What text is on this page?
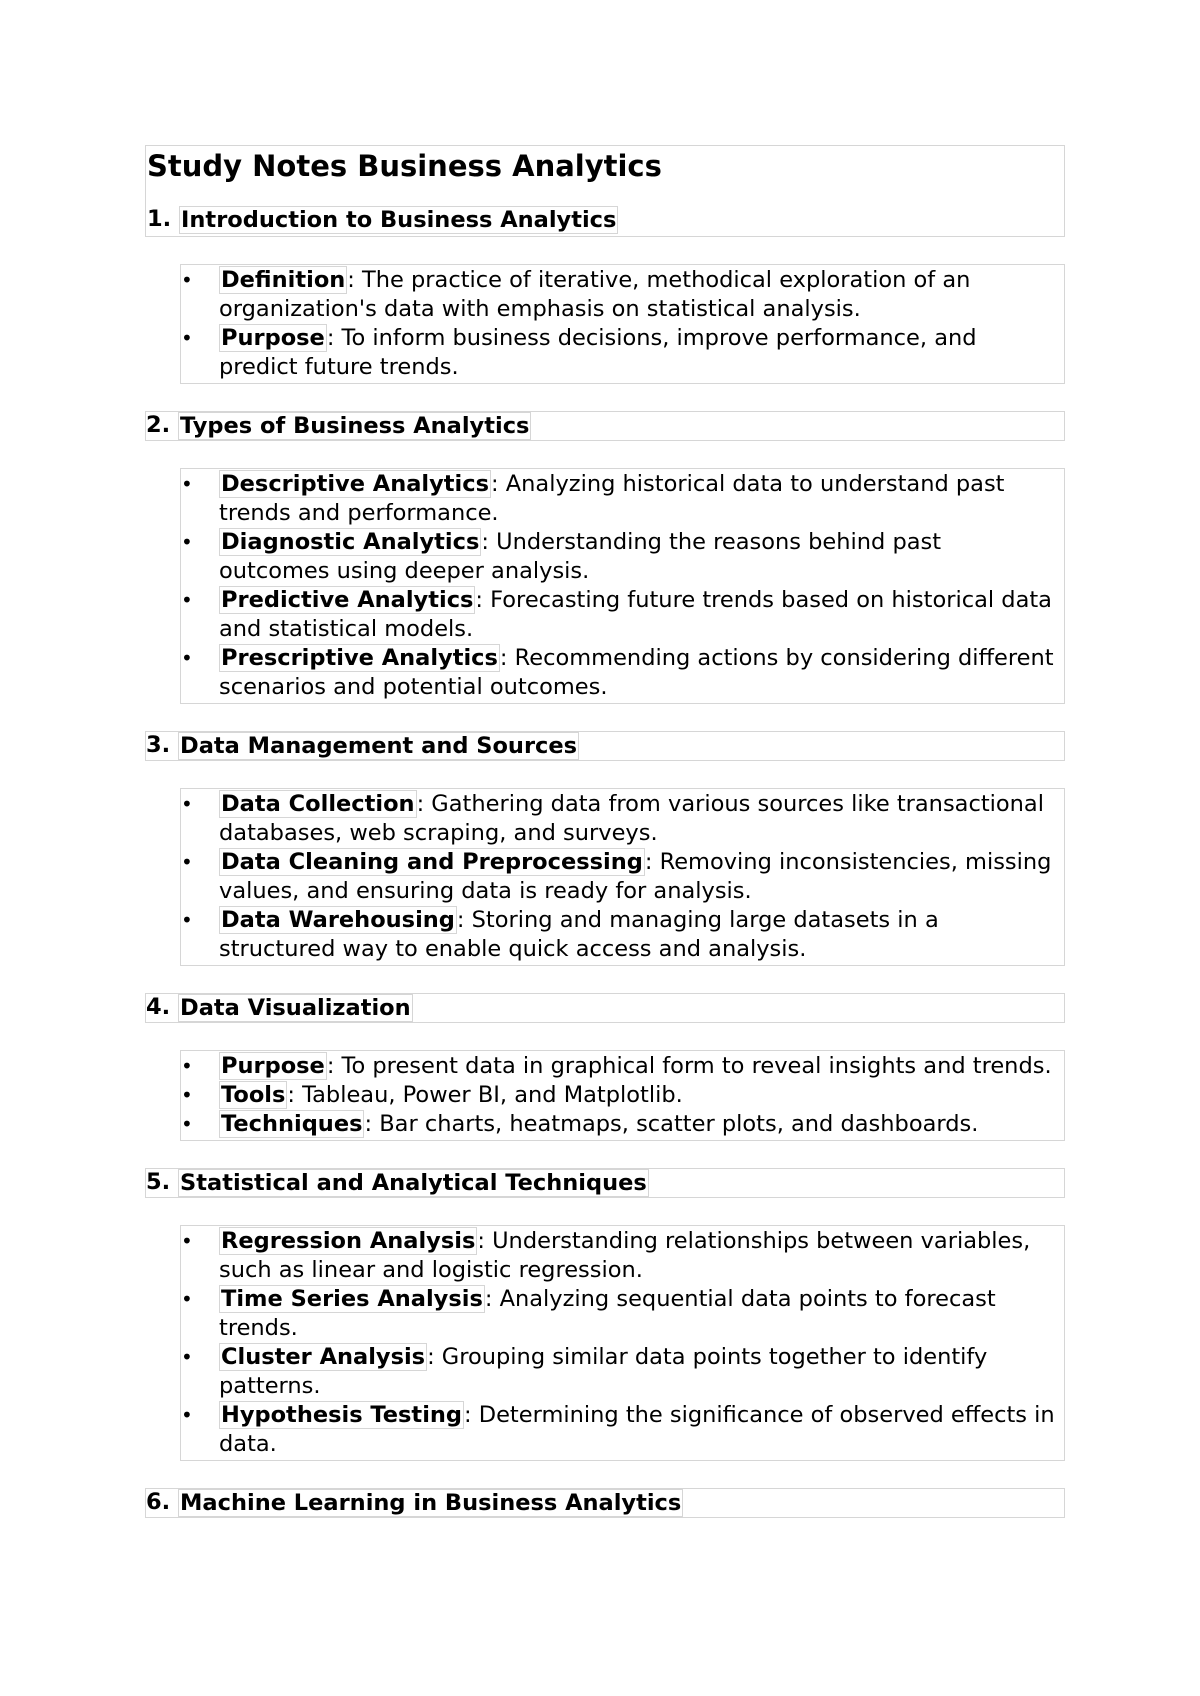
Study Notes Business Analytics
1.
Introduction to Business Analytics
•	Definition: The practice of iterative, methodical exploration of an organization's data with emphasis on statistical analysis.
•	Purpose: To inform business decisions, improve performance, and predict future trends.
2.
Types of Business Analytics
•	Descriptive Analytics: Analyzing historical data to understand past trends and performance.
•	Diagnostic Analytics: Understanding the reasons behind past outcomes using deeper analysis.
•	Predictive Analytics: Forecasting future trends based on historical data and statistical models.
•	Prescriptive Analytics: Recommending actions by considering different scenarios and potential outcomes.
3.
Data Management and Sources
•	Data Collection: Gathering data from various sources like transactional databases, web scraping, and surveys.
•	Data Cleaning and Preprocessing: Removing inconsistencies, missing values, and ensuring data is ready for analysis.
•	Data Warehousing: Storing and managing large datasets in a structured way to enable quick access and analysis.
4.
Data Visualization
•	Purpose: To present data in graphical form to reveal insights and trends.
•	Tools: Tableau, Power BI, and Matplotlib.
•	Techniques: Bar charts, heatmaps, scatter plots, and dashboards.
5.
Statistical and Analytical Techniques
•	Regression Analysis: Understanding relationships between variables, such as linear and logistic regression.
•	Time Series Analysis: Analyzing sequential data points to forecast trends.
•	Cluster Analysis: Grouping similar data points together to identify patterns.
•	Hypothesis Testing: Determining the significance of observed effects in data.
6.
Machine Learning in Business Analytics
